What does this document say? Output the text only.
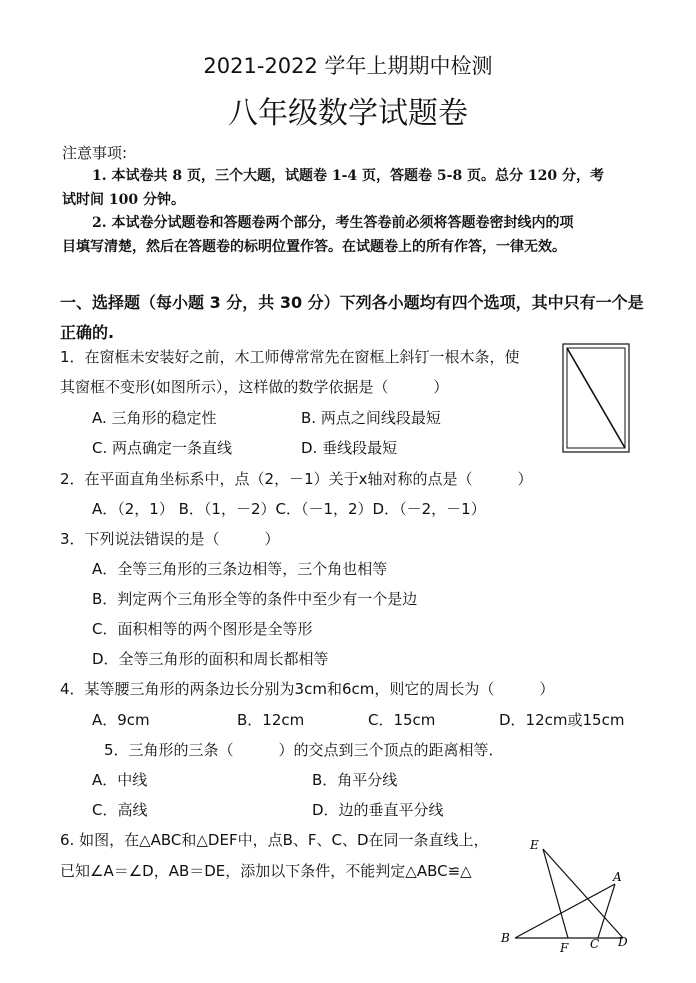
2021-2022 学年上期期中检测
八年级数学试题卷
注意事项:
1. 本试卷共 8 页，三个大题，试题卷 1-4 页，答题卷 5-8 页。总分 120 分，考
试时间 100 分钟。
2. 本试卷分试题卷和答题卷两个部分，考生答卷前必须将答题卷密封线内的项
目填写清楚，然后在答题卷的标明位置作答。在试题卷上的所有作答，一律无效。
一、选择题（每小题 3 分，共 30 分）下列各小题均有四个选项，其中只有一个是
正确的.
1．在窗框未安装好之前，木工师傅常常先在窗框上斜钉一根木条，使
其窗框不变形(如图所示），这样做的数学依据是（　　　）
A. 三角形的稳定性	B. 两点之间线段最短
C. 两点确定一条直线	D. 垂线段最短
2．在平面直角坐标系中，点（2，－1）关于x轴对称的点是（　　　）
A．（2，1） B．（1，－2）C．（－1，2）D．（－2，－1）
3．下列说法错误的是（　　　）
A．全等三角形的三条边相等，三个角也相等
B．判定两个三角形全等的条件中至少有一个是边
C．面积相等的两个图形是全等形
D．全等三角形的面积和周长都相等
4．某等腰三角形的两条边长分别为3cm和6cm，则它的周长为（　　　）
A．9cm	B．12cm	C．15cm	D．12cm或15cm
5．三角形的三条（　　　）的交点到三个顶点的距离相等．
A．中线	B．角平分线
C．高线	D．边的垂直平分线
6. 如图，在△ABC和△DEF中，点B、F、C、D在同一条直线上，
已知∠A＝∠D，AB＝DE，添加以下条件，不能判定△ABC≌△
E
A
B
F C D
